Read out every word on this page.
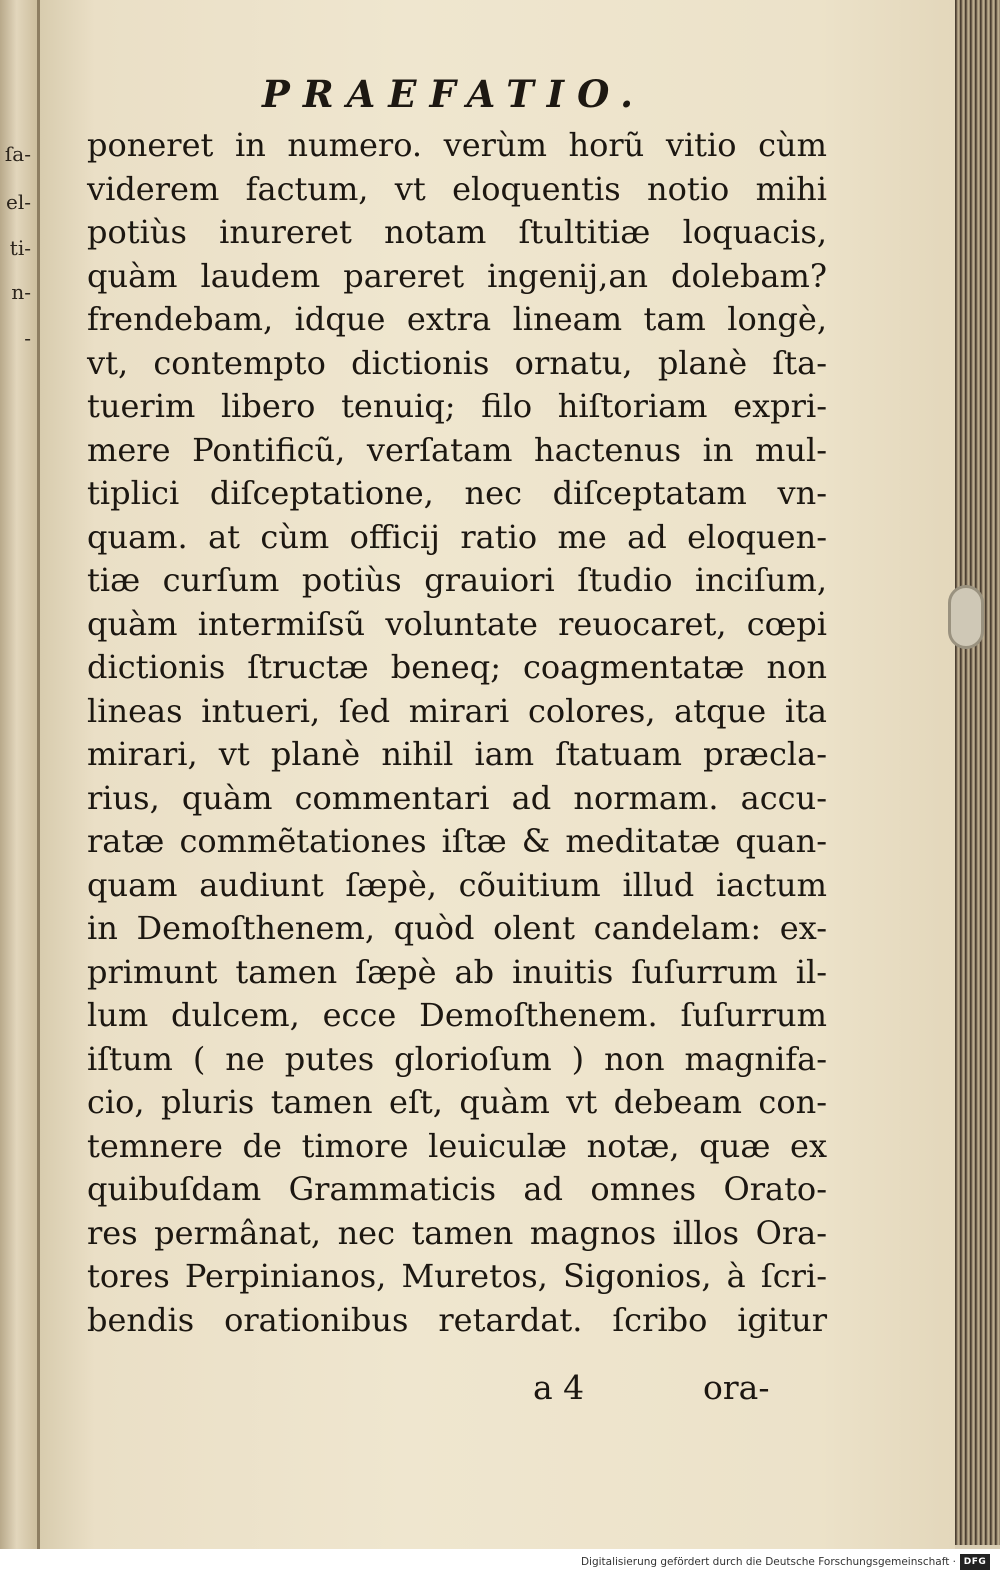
ſa-
el-
ti-
n-
-
PRAEFATIO.
poneret in numero. verùm horũ vitio cùm
viderem factum, vt eloquentis notio mihi
potiùs inureret notam ſtultitiæ loquacis,
quàm laudem pareret ingenij,an dolebam?
frendebam, idque extra lineam tam longè,
vt, contempto dictionis ornatu, planè ſta-
tuerim libero tenuiq; filo hiſtoriam expri-
mere Pontificũ, verſatam hactenus in mul-
tiplici diſceptatione, nec diſceptatam vn-
quam. at cùm officij ratio me ad eloquen-
tiæ curſum potiùs grauiori ſtudio inciſum,
quàm intermiſsũ voluntate reuocaret, cœpi
dictionis ſtructæ beneq; coagmentatæ non
lineas intueri, ſed mirari colores, atque ita
mirari, vt planè nihil iam ſtatuam præcla-
rius, quàm commentari ad normam. accu-
ratæ commẽtationes iſtæ & meditatæ quan-
quam audiunt ſæpè, cõuitium illud iactum
in Demoſthenem, quòd olent candelam: ex-
primunt tamen ſæpè ab inuitis ſuſurrum il-
lum dulcem, ecce Demoſthenem. ſuſurrum
iſtum ( ne putes glorioſum ) non magnifa-
cio, pluris tamen eſt, quàm vt debeam con-
temnere de timore leuiculæ notæ, quæ ex
quibuſdam Grammaticis ad omnes Orato-
res permânat, nec tamen magnos illos Ora-
tores Perpinianos, Muretos, Sigonios, à ſcri-
bendis orationibus retardat. ſcribo igitur
a 4	ora-
Digitalisierung gefördert durch die Deutsche Forschungsgemeinschaft · DFG
